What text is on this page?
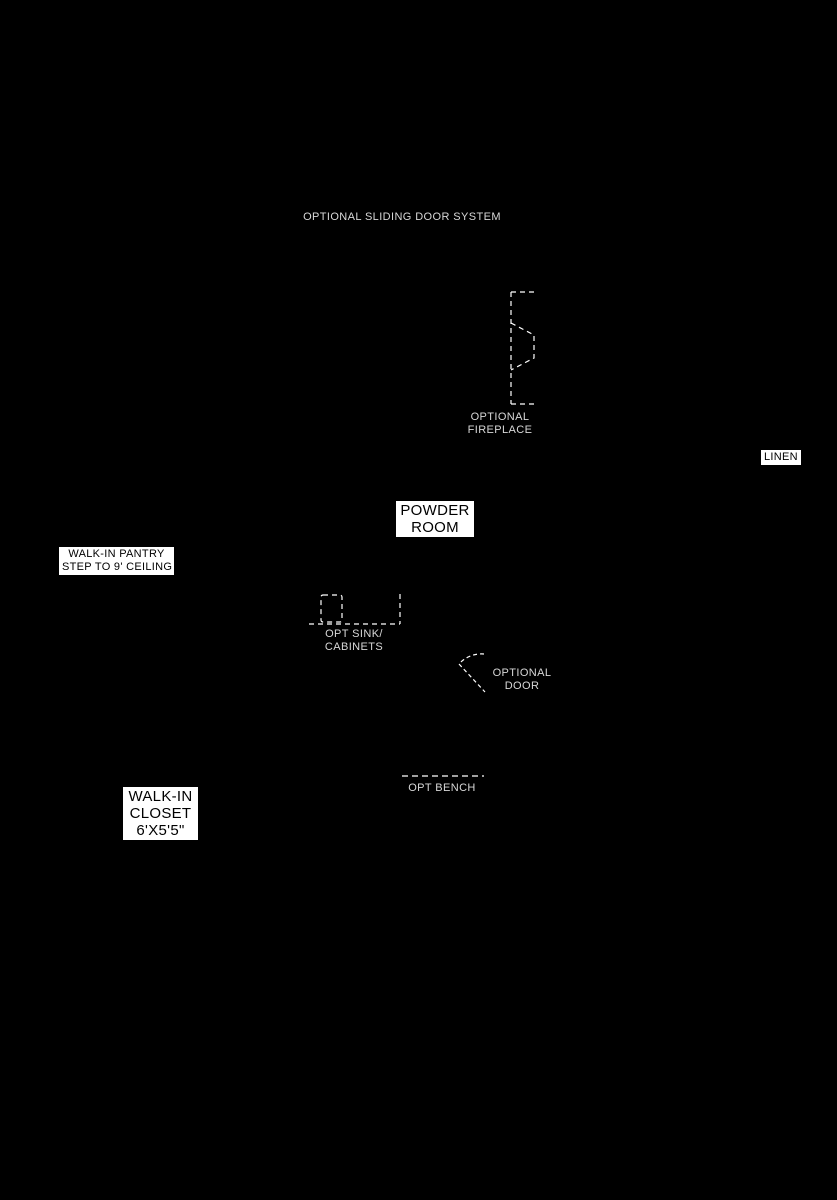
OPTIONAL SLIDING DOOR SYSTEM
OPTIONAL
FIREPLACE
OPT SINK/
CABINETS
OPTIONAL
DOOR
OPT BENCH
LINEN
POWDER
ROOM
WALK-IN PANTRY
STEP TO 9' CEILING
WALK-IN
CLOSET
6'X5'5"
